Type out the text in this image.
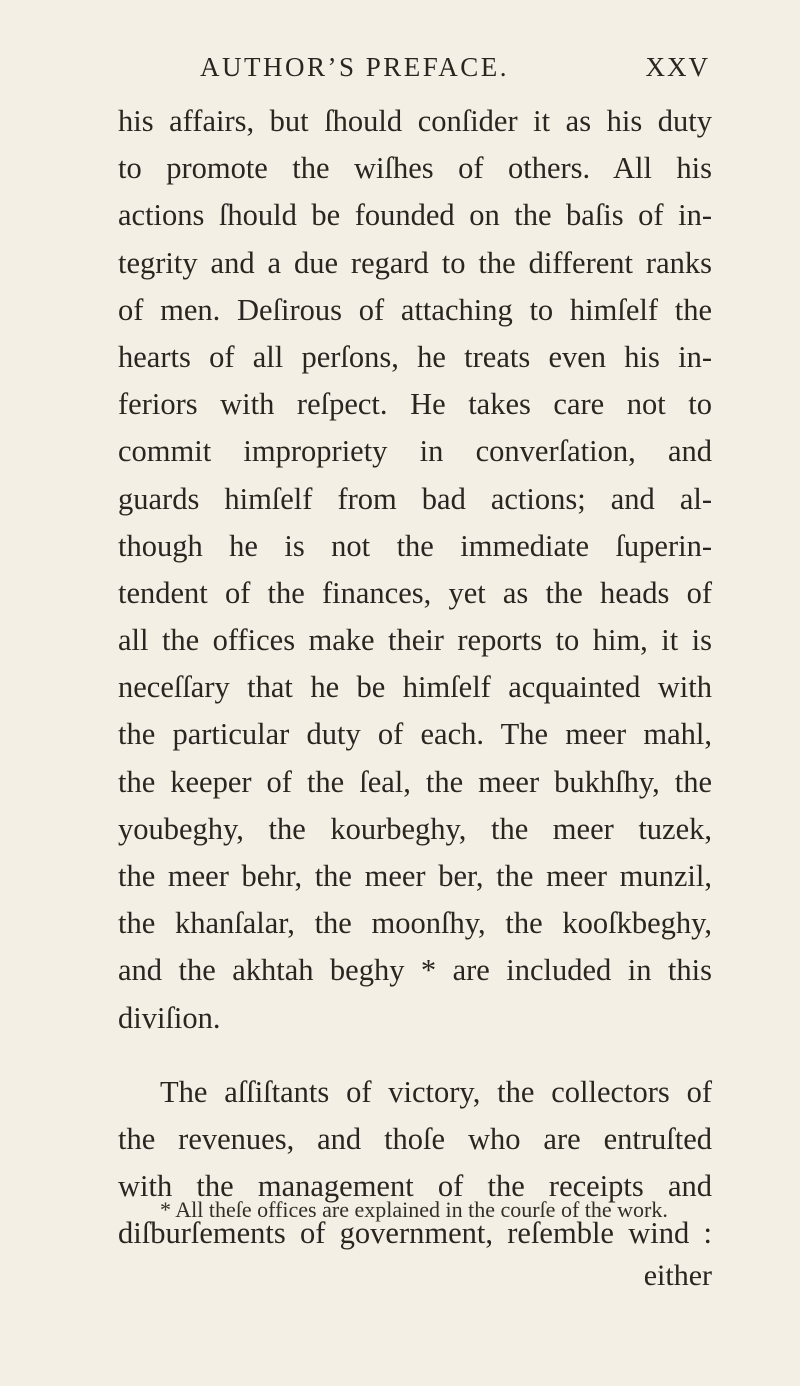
AUTHOR’S PREFACE.	XXV
his affairs, but ſhould conſider it as his duty
to promote the wiſhes of others. All his
actions ſhould be founded on the baſis of in-
tegrity and a due regard to the different ranks
of men. Deſirous of attaching to himſelf the
hearts of all perſons, he treats even his in-
feriors with reſpect. He takes care not to
commit impropriety in converſation, and
guards himſelf from bad actions; and al-
though he is not the immediate ſuperin-
tendent of the finances, yet as the heads of
all the offices make their reports to him, it is
neceſſary that he be himſelf acquainted with
the particular duty of each. The meer mahl,
the keeper of the ſeal, the meer bukhſhy, the
youbeghy, the kourbeghy, the meer tuzek,
the meer behr, the meer ber, the meer munzil,
the khanſalar, the moonſhy, the kooſkbeghy,
and the akhtah beghy * are included in this
diviſion.
The aſſiſtants of victory, the collectors of
the revenues, and thoſe who are entruſted
with the management of the receipts and
diſburſements of government, reſemble wind :
* All theſe offices are explained in the courſe of the work.
either
